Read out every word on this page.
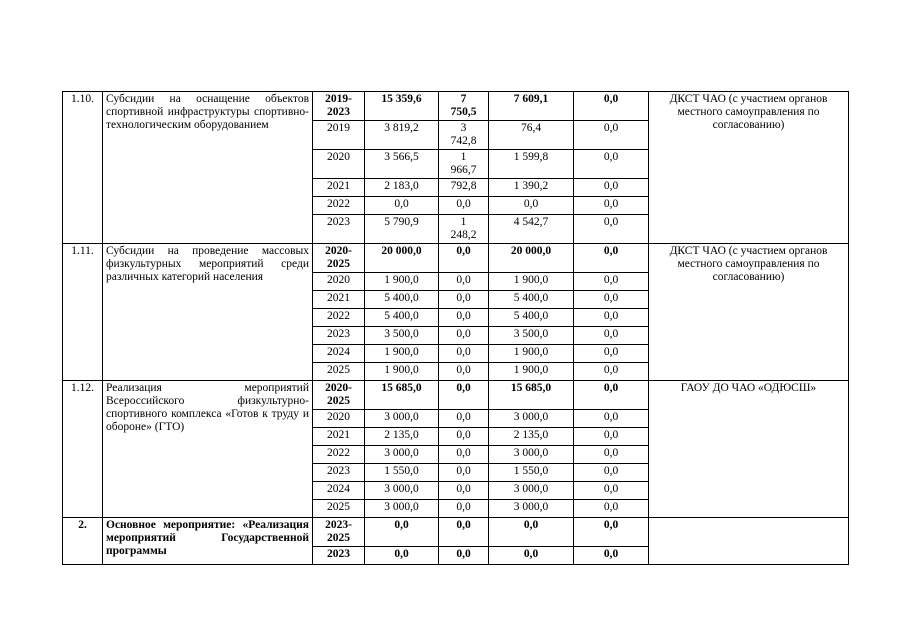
1.10.	Субсидии на оснащение объектов спортивной инфраструктуры спортивно-технологическим оборудованием	2019-
2023	15 359,6	7
750,5	7 609,1	0,0	ДКСТ ЧАО (с участием органов местного самоуправления по согласованию)
		2019	3 819,2	3
742,8	76,4	0,0	
		2020	3 566,5	1
966,7	1 599,8	0,0	
		2021	2 183,0	792,8	1 390,2	0,0	
		2022	0,0	0,0	0,0	0,0	
		2023	5 790,9	1
248,2	4 542,7	0,0	
1.11.	Субсидии на проведение массовых физкультурных мероприятий среди различных категорий населения	2020-
2025	20 000,0	0,0	20 000,0	0,0	ДКСТ ЧАО (с участием органов местного самоуправления по согласованию)
		2020	1 900,0	0,0	1 900,0	0,0	
		2021	5 400,0	0,0	5 400,0	0,0	
		2022	5 400,0	0,0	5 400,0	0,0	
		2023	3 500,0	0,0	3 500,0	0,0	
		2024	1 900,0	0,0	1 900,0	0,0	
		2025	1 900,0	0,0	1 900,0	0,0	
1.12.	Реализация мероприятий Всероссийского физкультурно-спортивного комплекса «Готов к труду и обороне» (ГТО)	2020-
2025	15 685,0	0,0	15 685,0	0,0	ГАОУ ДО ЧАО «ОДЮСШ»
		2020	3 000,0	0,0	3 000,0	0,0	
		2021	2 135,0	0,0	2 135,0	0,0	
		2022	3 000,0	0,0	3 000,0	0,0	
		2023	1 550,0	0,0	1 550,0	0,0	
		2024	3 000,0	0,0	3 000,0	0,0	
		2025	3 000,0	0,0	3 000,0	0,0	
2.	Основное мероприятие: «Реализация мероприятий Государственной программы	2023-
2025	0,0	0,0	0,0	0,0	
		2023	0,0	0,0	0,0	0,0	
